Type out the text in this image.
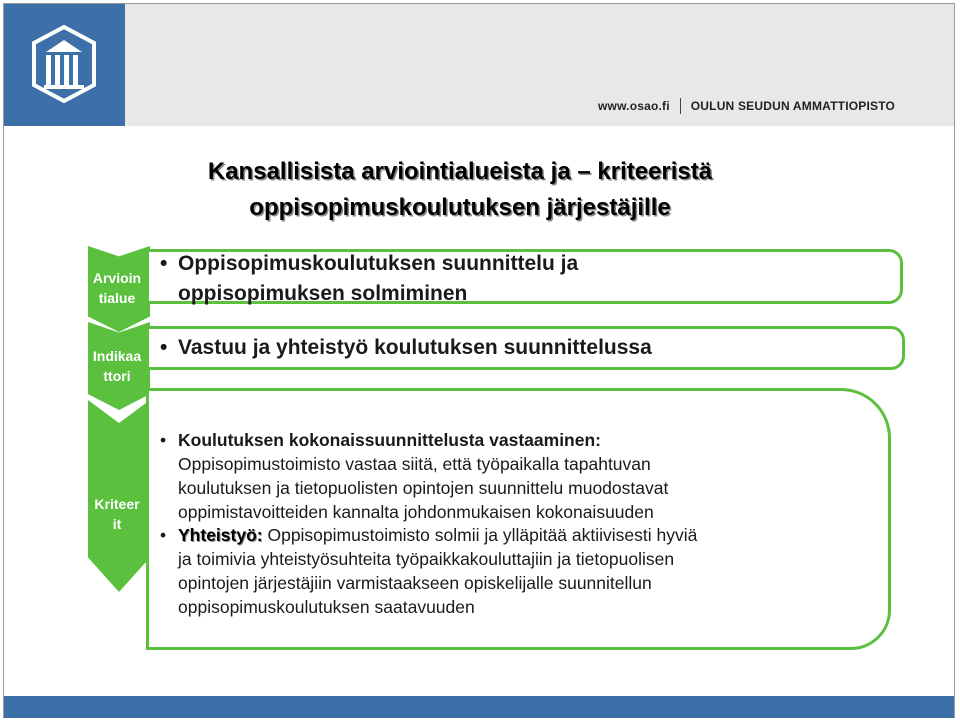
www.osao.fi OULUN SEUDUN AMMATTIOPISTO
Kansallisista arviointialueista ja – kriteeristä
oppisopimuskoulutuksen järjestäjille
Arvioin
tialue
Indikaa
ttori
Kriteer
it
• Oppisopimuskoulutuksen suunnittelu ja
oppisopimuksen solmiminen
• Vastuu ja yhteistyö koulutuksen suunnittelussa
• Koulutuksen kokonaissuunnittelusta vastaaminen:
Oppisopimustoimisto vastaa siitä, että työpaikalla tapahtuvan
koulutuksen ja tietopuolisten opintojen suunnittelu muodostavat
oppimistavoitteiden kannalta johdonmukaisen kokonaisuuden
• Yhteistyö: Oppisopimustoimisto solmii ja ylläpitää aktiivisesti hyviä
ja toimivia yhteistyösuhteita työpaikkakouluttajiin ja tietopuolisen
opintojen järjestäjiin varmistaakseen opiskelijalle suunnitellun
oppisopimuskoulutuksen saatavuuden
